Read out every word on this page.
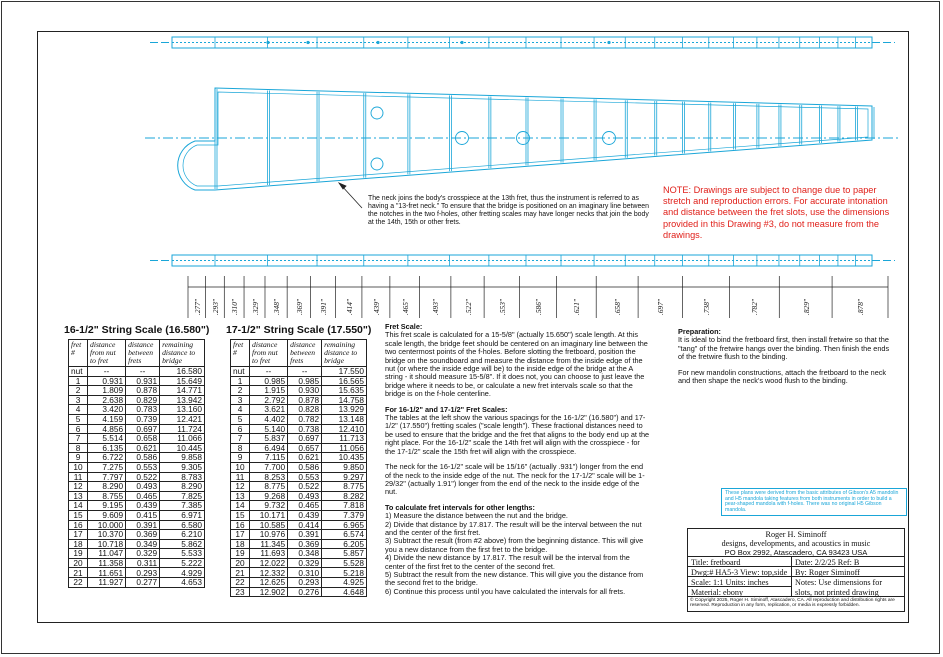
.277" .293" .310" .329" .348" .369" .391" .414" .439"	.465"	.493"	.522"	.553"	.586"	.621"	.658"	.697"	.738"	.782"	.829"	.878"
The neck joins the body's crosspiece at the 13th fret, thus the instrument is referred to as having a "13-fret neck." To ensure that the bridge is positioned on an imaginary line between the notches in the two f-holes, other fretting scales may have longer necks that join the body at the 14th, 15th or other frets.
NOTE: Drawings are subject to change due to paper stretch and reproduction errors. For accurate intonation and distance between the fret slots, use the dimensions provided in this Drawing #3, do not measure from the drawings.
16-1/2" String Scale (16.580")
fret #	distance from nut to fret	distance between frets	remaining distance to bridge
nut	--	--	16.580
1	0.931	0.931	15.649
2	1.809	0.878	14.771
3	2.638	0.829	13.942
4	3.420	0.783	13.160
5	4.159	0.739	12.421
6	4.856	0.697	11.724
7	5.514	0.658	11.066
8	6.135	0.621	10.445
9	6.722	0.586	9.858
10	7.275	0.553	9.305
11	7.797	0.522	8.783
12	8.290	0.493	8.290
13	8.755	0.465	7.825
14	9.195	0.439	7.385
15	9.609	0.415	6.971
16	10.000	0.391	6.580
17	10.370	0.369	6.210
18	10.718	0.349	5.862
19	11.047	0.329	5.533
20	11.358	0.311	5.222
21	11.651	0.293	4.929
22	11.927	0.277	4.653
17-1/2" String Scale (17.550")
fret #	distance from nut to fret	distance between frets	remaining distance to bridge
nut	--	--	17.550
1	0.985	0.985	16.565
2	1.915	0.930	15.635
3	2.792	0.878	14.758
4	3.621	0.828	13.929
5	4.402	0.782	13.148
6	5.140	0.738	12.410
7	5.837	0.697	11.713
8	6.494	0.657	11.056
9	7.115	0.621	10.435
10	7.700	0.586	9.850
11	8.253	0.553	9.297
12	8.775	0.522	8.775
13	9.268	0.493	8.282
14	9.732	0.465	7.818
15	10.171	0.439	7.379
16	10.585	0.414	6.965
17	10.976	0.391	6.574
18	11.345	0.369	6.205
19	11.693	0.348	5.857
20	12.022	0.329	5.528
21	12.332	0.310	5.218
22	12.625	0.293	4.925
23	12.902	0.276	4.648

Fret Scale:
This fret scale is calculated for a 15-5/8" (actually 15.650") scale length. At this scale length, the bridge feet should be centered on an imaginary line between the two centermost points of the f-holes. Before slotting the fretboard, position the bridge on the soundboard and measure the distance from the inside edge of the nut (or where the inside edge will be) to the inside edge of the bridge at the A string - it should measure 15-5/8". If it does not, you can choose to just leave the bridge where it needs to be, or calculate a new fret intervals scale so that the bridge is on the f-hole centerline.

For 16-1/2" and 17-1/2" Fret Scales:
The tables at the left show the various spacings for the 16-1/2" (16.580") and 17-1/2" (17.550") fretting scales ("scale length"). These fractional distances need to be used to ensure that the bridge and the fret that aligns to the body end up at the right place. For the 16-1/2" scale the 14th fret will align with the crosspiece - for the 17-1/2" scale the 15th fret will align with the crosspiece.

The neck for the 16-1/2" scale will be 15/16" (actually .931") longer from the end of the neck to the inside edge of the nut. The neck for the 17-1/2" scale will be 1-29/32" (actually 1.91") longer from the end of the neck to the inside edge of the nut.

To calculate fret intervals for other lengths:

1) Measure the distance between the nut and the bridge.
2) Divide that distance by 17.817. The result will be the interval between the nut and the center of the first fret.
3) Subtract the result (from #2 above) from the beginning distance. This will give you a new distance from the first fret to the bridge.
4) Divide the new distance by 17.817. The result will be the interval from the center of the first fret to the center of the second fret.
5) Subtract the result from the new distance. This will give you the distance from the second fret to the bridge.
6) Continue this process until you have calculated the intervals for all frets.

Preparation:

It is ideal to bind the fretboard first, then install fretwire so that the "tang" of the fretwire hangs over the binding. Then finish the ends of the fretwire flush to the binding.

For new mandolin constructions, attach the fretboard to the neck and then shape the neck's wood flush to the binding.

These plans were derived from the basic attributes of Gibson's A5 mandolin and H5 mandola taking features from both instruments in order to build a pear-shaped mandola with f-holes. There was no original H5 Gibson mandola.
Roger H. Siminoff
designs, developments, and acoustics in music
PO Box 2992, Atascadero, CA 93423 USA
Title: fretboard	Date: 2/2/25 Ref: B
Dwg:# HA5-3 View: top,side By: Roger Siminoff
Scale: 1:1 Units: inches	Notes: Use dimensions for slots, not printed drawing
Material: ebony
© Copyright 2025, Roger H. Siminoff, Atascadero, CA. All reproduction and distribution rights are reserved. Reproduction in any form, replication, or media is expressly forbidden.
